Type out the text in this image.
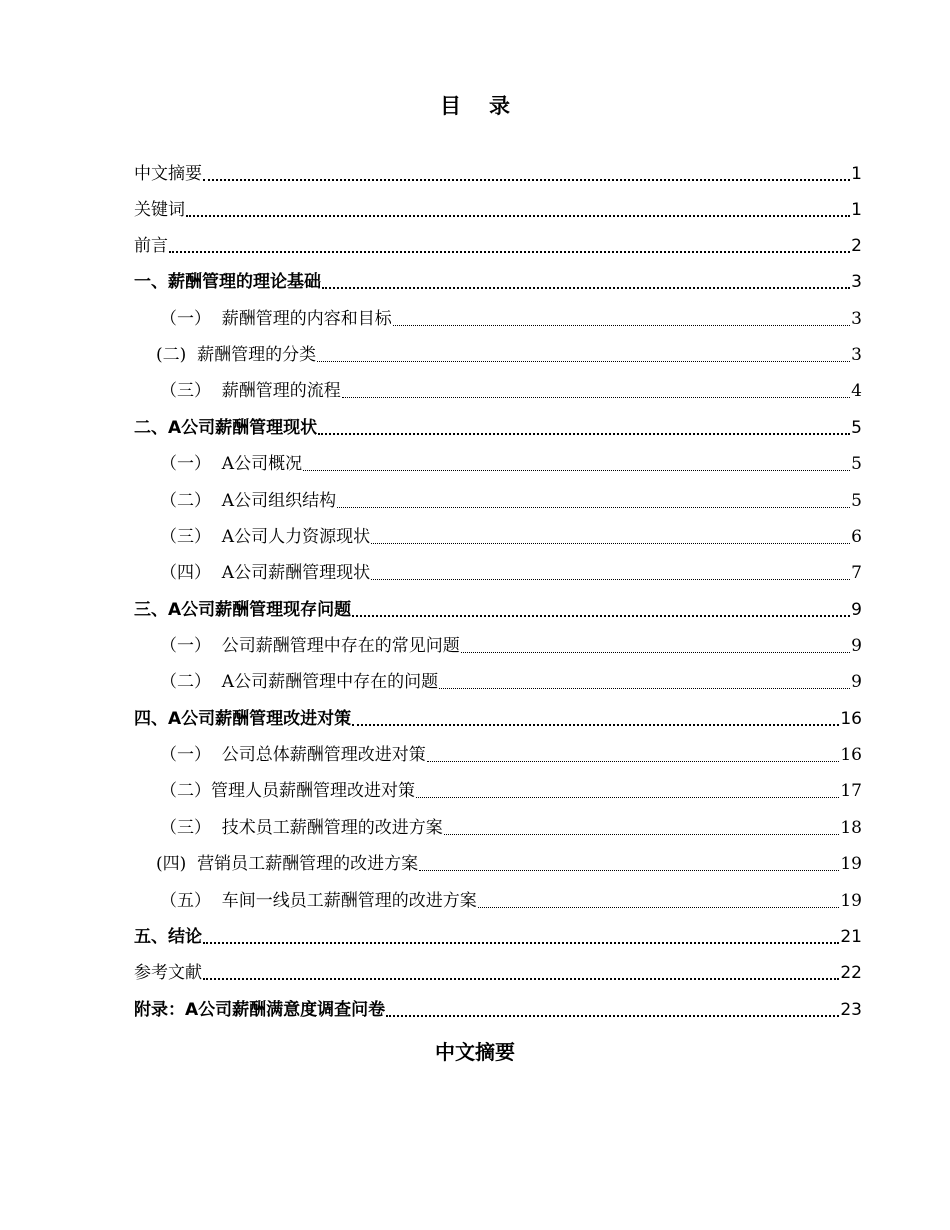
目 录
中文摘要	1
关键词	1
前言	2
一、薪酬管理的理论基础	3
（一）  薪酬管理的内容和目标	3
(二)  薪酬管理的分类	3
（三）  薪酬管理的流程	4
二、A公司薪酬管理现状	5
（一）  A公司概况	5
（二）  A公司组织结构	5
（三）  A公司人力资源现状	6
（四）  A公司薪酬管理现状	7
三、A公司薪酬管理现存问题	9
（一）  公司薪酬管理中存在的常见问题	9
（二）  A公司薪酬管理中存在的问题	9
四、A公司薪酬管理改进对策	16
（一）  公司总体薪酬管理改进对策	16
（二）管理人员薪酬管理改进对策	17
（三）  技术员工薪酬管理的改进方案	18
(四)  营销员工薪酬管理的改进方案	19
（五）  车间一线员工薪酬管理的改进方案	19
五、结论	21
参考文献	22
附录：A公司薪酬满意度调查问卷	23
中文摘要
